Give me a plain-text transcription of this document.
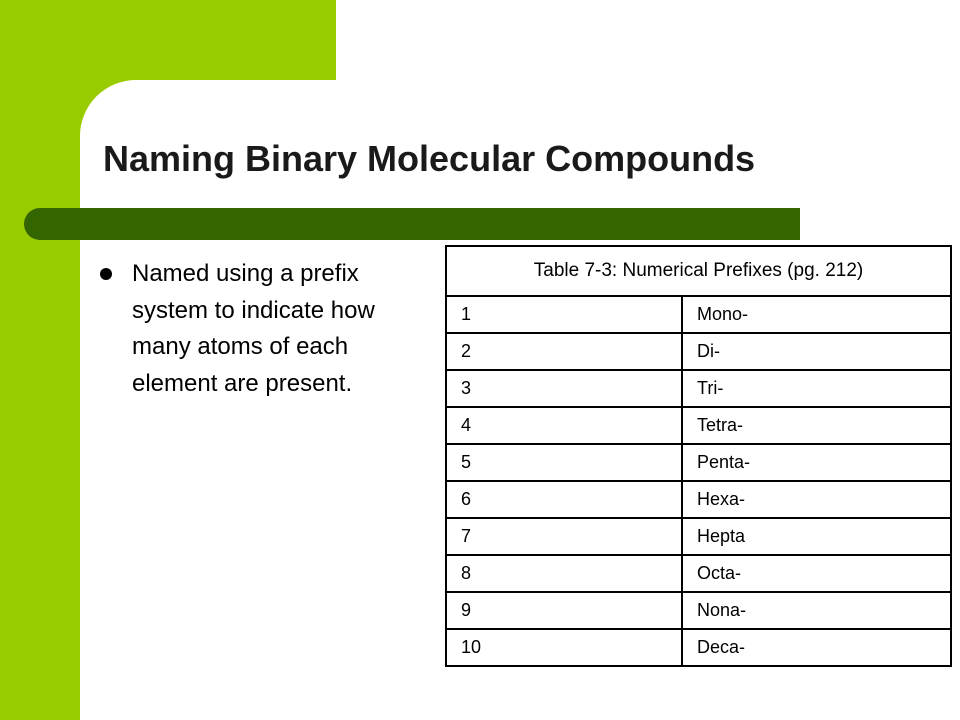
Naming Binary Molecular Compounds

Named using a prefix system to indicate how many atoms of each element are present.

Table 7-3: Numerical Prefixes (pg. 212)	
1	Mono-
2	Di-
3	Tri-
4	Tetra-
5	Penta-
6	Hexa-
7	Hepta
8	Octa-
9	Nona-
10	Deca-
